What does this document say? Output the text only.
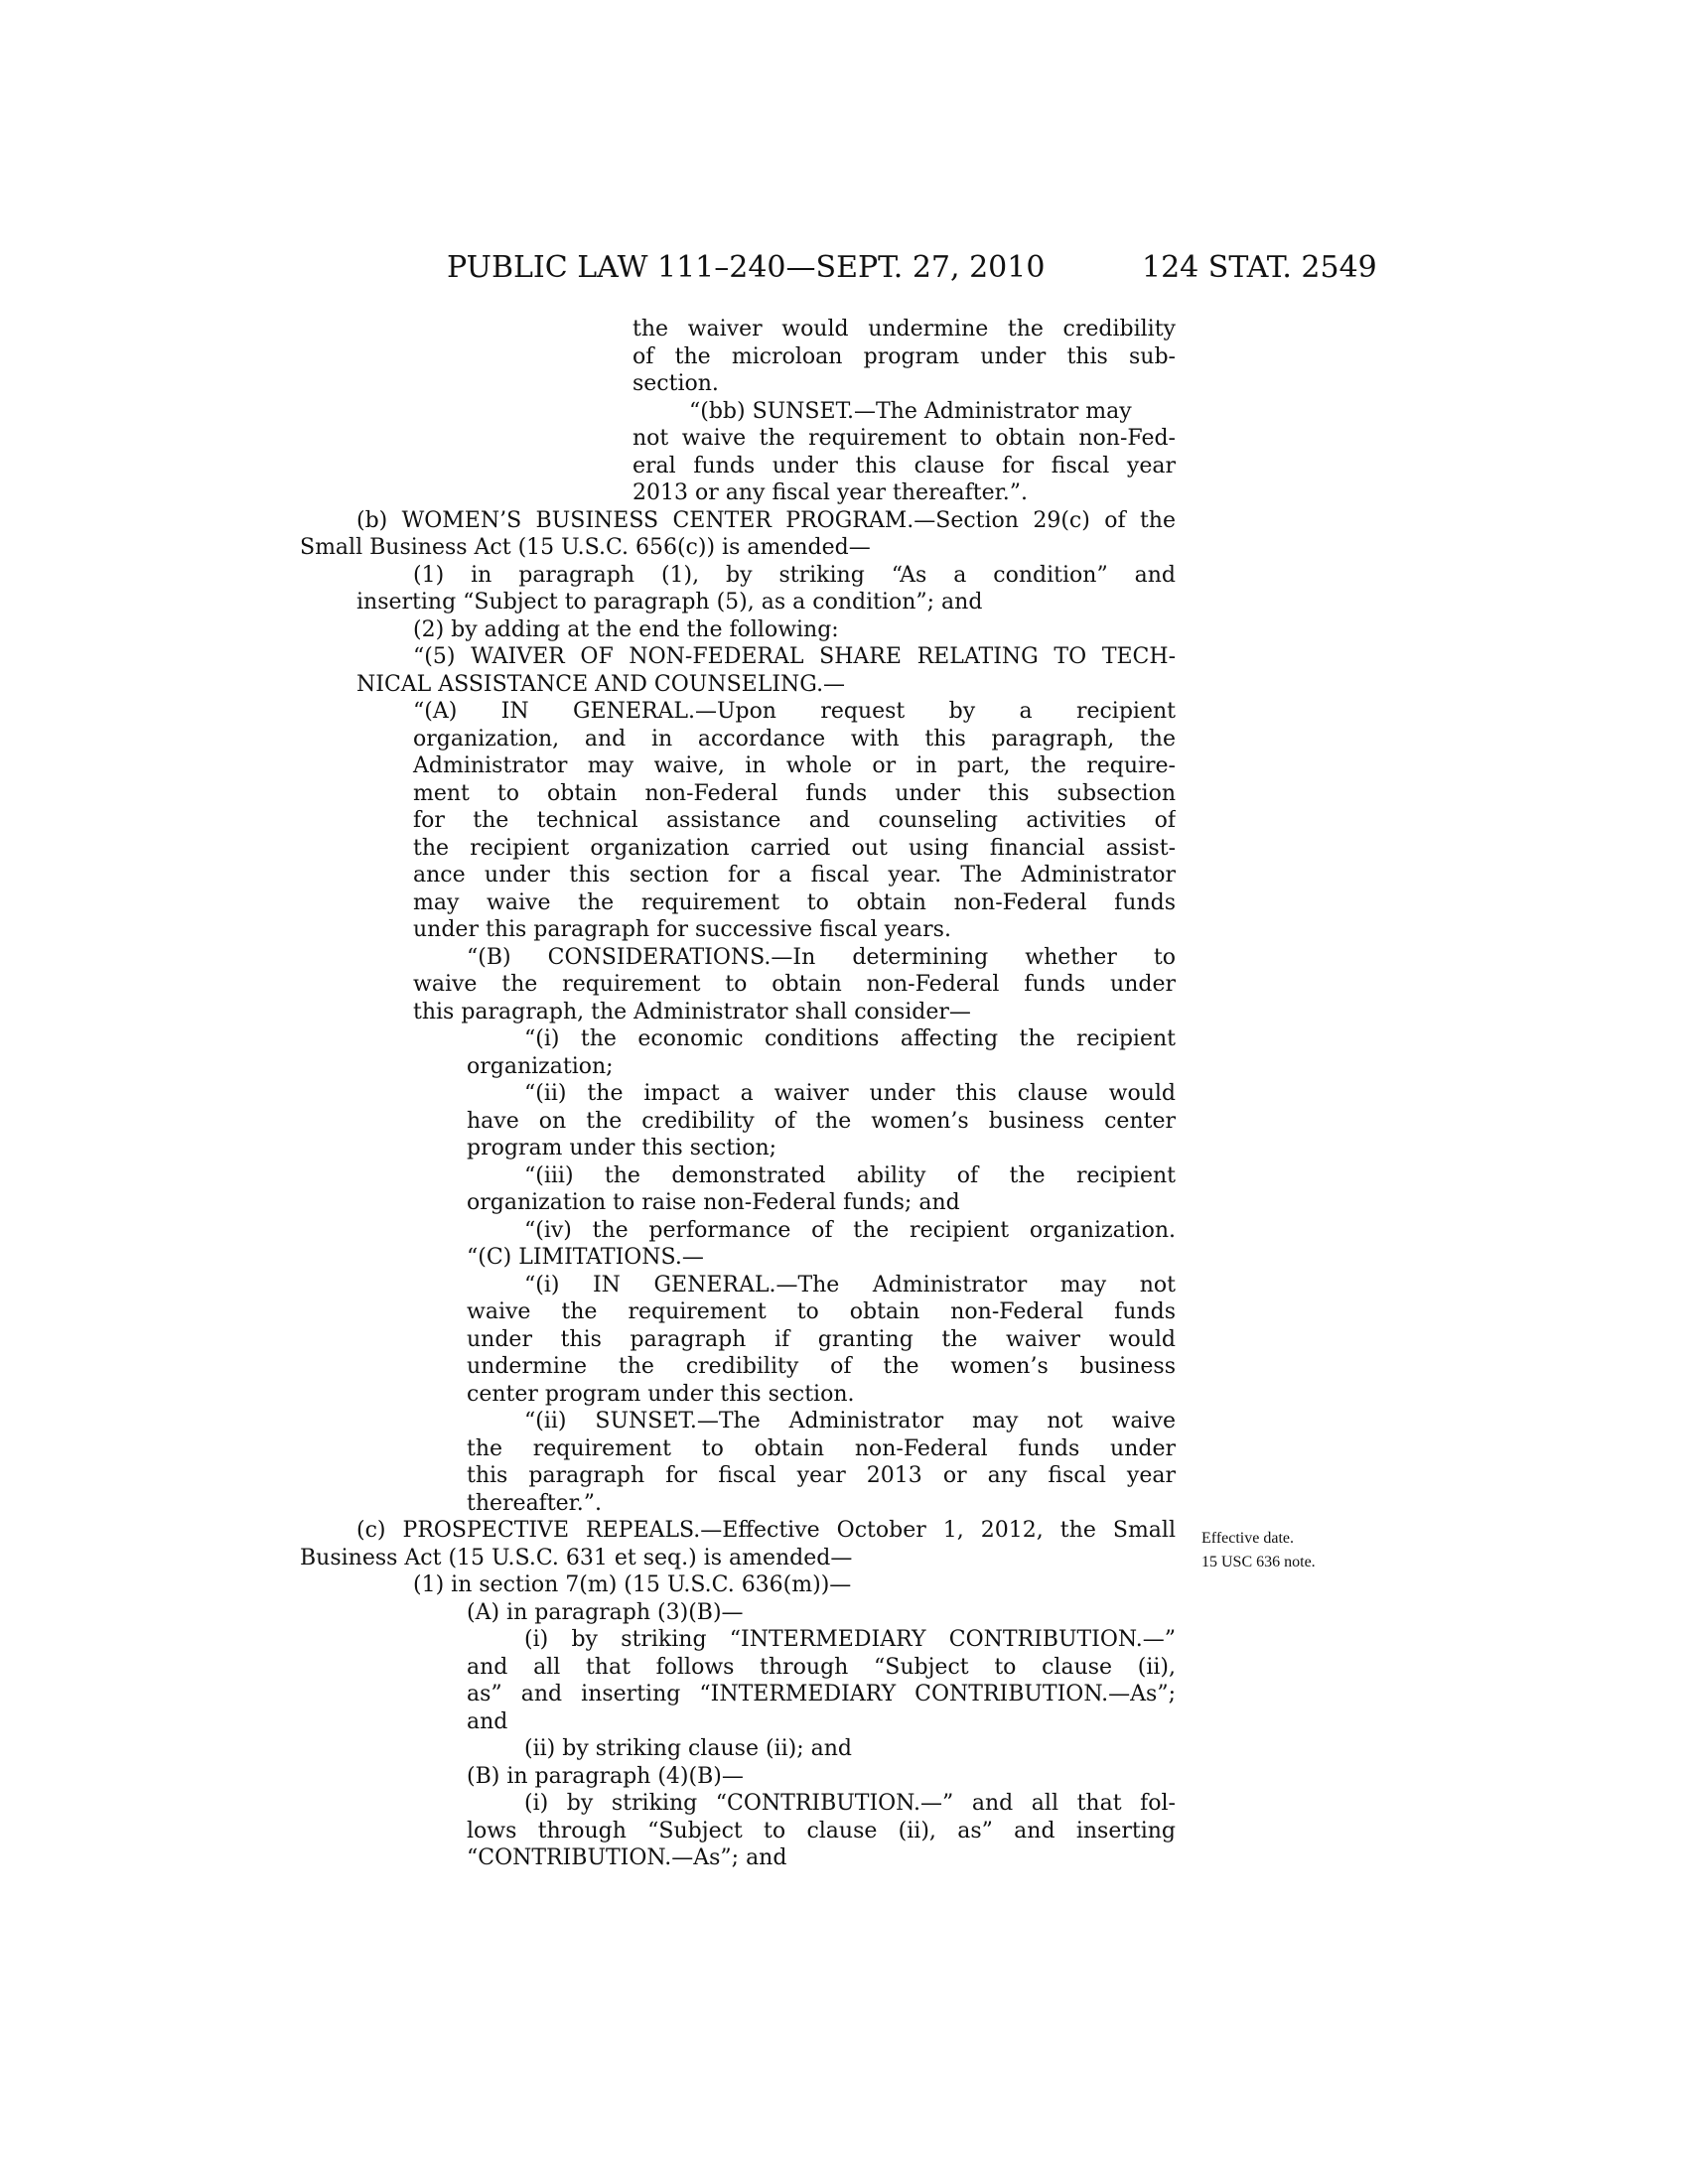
PUBLIC LAW 111–240—SEPT. 27, 2010	124 STAT. 2549
the waiver would undermine the credibility
of the microloan program under this sub-
section.
“(bb) SUNSET.—The Administrator may
not waive the requirement to obtain non-Fed-
eral funds under this clause for fiscal year
2013 or any fiscal year thereafter.”.
(b) WOMEN’S BUSINESS CENTER PROGRAM.—Section 29(c) of the
Small Business Act (15 U.S.C. 656(c)) is amended—
(1) in paragraph (1), by striking “As a condition” and
inserting “Subject to paragraph (5), as a condition”; and
(2) by adding at the end the following:
“(5) WAIVER OF NON-FEDERAL SHARE RELATING TO TECH-
NICAL ASSISTANCE AND COUNSELING.—
“(A) IN GENERAL.—Upon request by a recipient
organization, and in accordance with this paragraph, the
Administrator may waive, in whole or in part, the require-
ment to obtain non-Federal funds under this subsection
for the technical assistance and counseling activities of
the recipient organization carried out using financial assist-
ance under this section for a fiscal year. The Administrator
may waive the requirement to obtain non-Federal funds
under this paragraph for successive fiscal years.
“(B) CONSIDERATIONS.—In determining whether to
waive the requirement to obtain non-Federal funds under
this paragraph, the Administrator shall consider—
“(i) the economic conditions affecting the recipient
organization;
“(ii) the impact a waiver under this clause would
have on the credibility of the women’s business center
program under this section;
“(iii) the demonstrated ability of the recipient
organization to raise non-Federal funds; and
“(iv) the performance of the recipient organization.
“(C) LIMITATIONS.—
“(i) IN GENERAL.—The Administrator may not
waive the requirement to obtain non-Federal funds
under this paragraph if granting the waiver would
undermine the credibility of the women’s business
center program under this section.
“(ii) SUNSET.—The Administrator may not waive
the requirement to obtain non-Federal funds under
this paragraph for fiscal year 2013 or any fiscal year
thereafter.”.
(c) PROSPECTIVE REPEALS.—Effective October 1, 2012, the Small
Business Act (15 U.S.C. 631 et seq.) is amended—
(1) in section 7(m) (15 U.S.C. 636(m))—
(A) in paragraph (3)(B)—
(i) by striking “INTERMEDIARY CONTRIBUTION.—”
and all that follows through “Subject to clause (ii),
as” and inserting “INTERMEDIARY CONTRIBUTION.—As”;
and
(ii) by striking clause (ii); and
(B) in paragraph (4)(B)—
(i) by striking “CONTRIBUTION.—” and all that fol-
lows through “Subject to clause (ii), as” and inserting
“CONTRIBUTION.—As”; and
Effective date.
15 USC 636 note.
